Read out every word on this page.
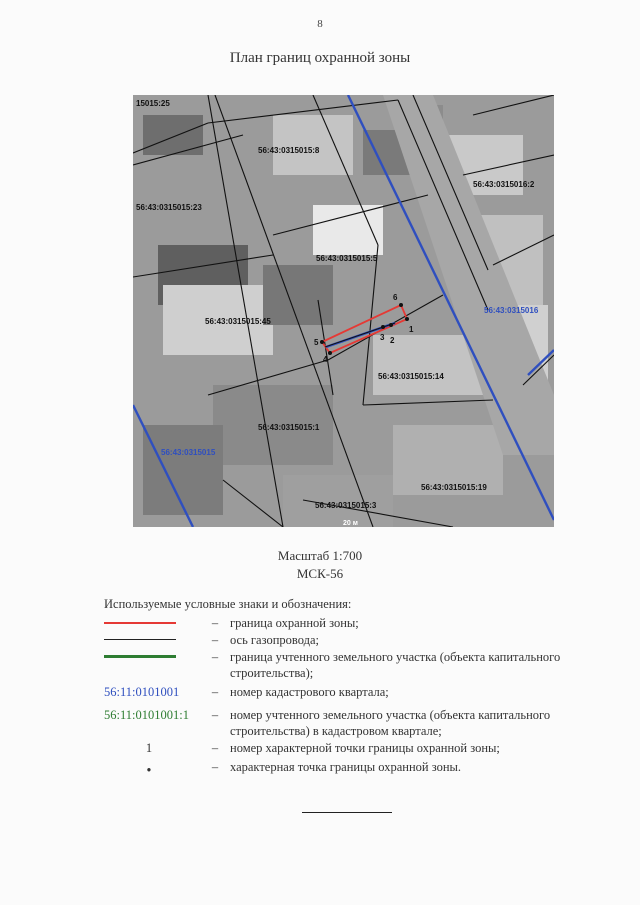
8
План границ охранной зоны
15015:25
56:43:0315015:8
56:43:0315015:23
56:43:0315015:5
56:43:0315016:2
56:43:0315016
56:43:0315015:45
56:43:0315015:14
56:43:0315015:1
56:43:0315015
56:43:0315015:19
56:43:0315015:3
20 м
1
2
3
4
5
6
Масштаб 1:700
МСК-56
Используемые условные знаки и обозначения:
– граница охранной зоны;
– ось газопровода;
– граница учтенного земельного участка (объекта капитального строительства);
56:11:0101001	– номер кадастрового квартала;
56:11:0101001:1	– номер учтенного земельного участка (объекта капитального строительства) в кадастровом квартале;
1	– номер характерной точки границы охранной зоны;
•	– характерная точка границы охранной зоны.
